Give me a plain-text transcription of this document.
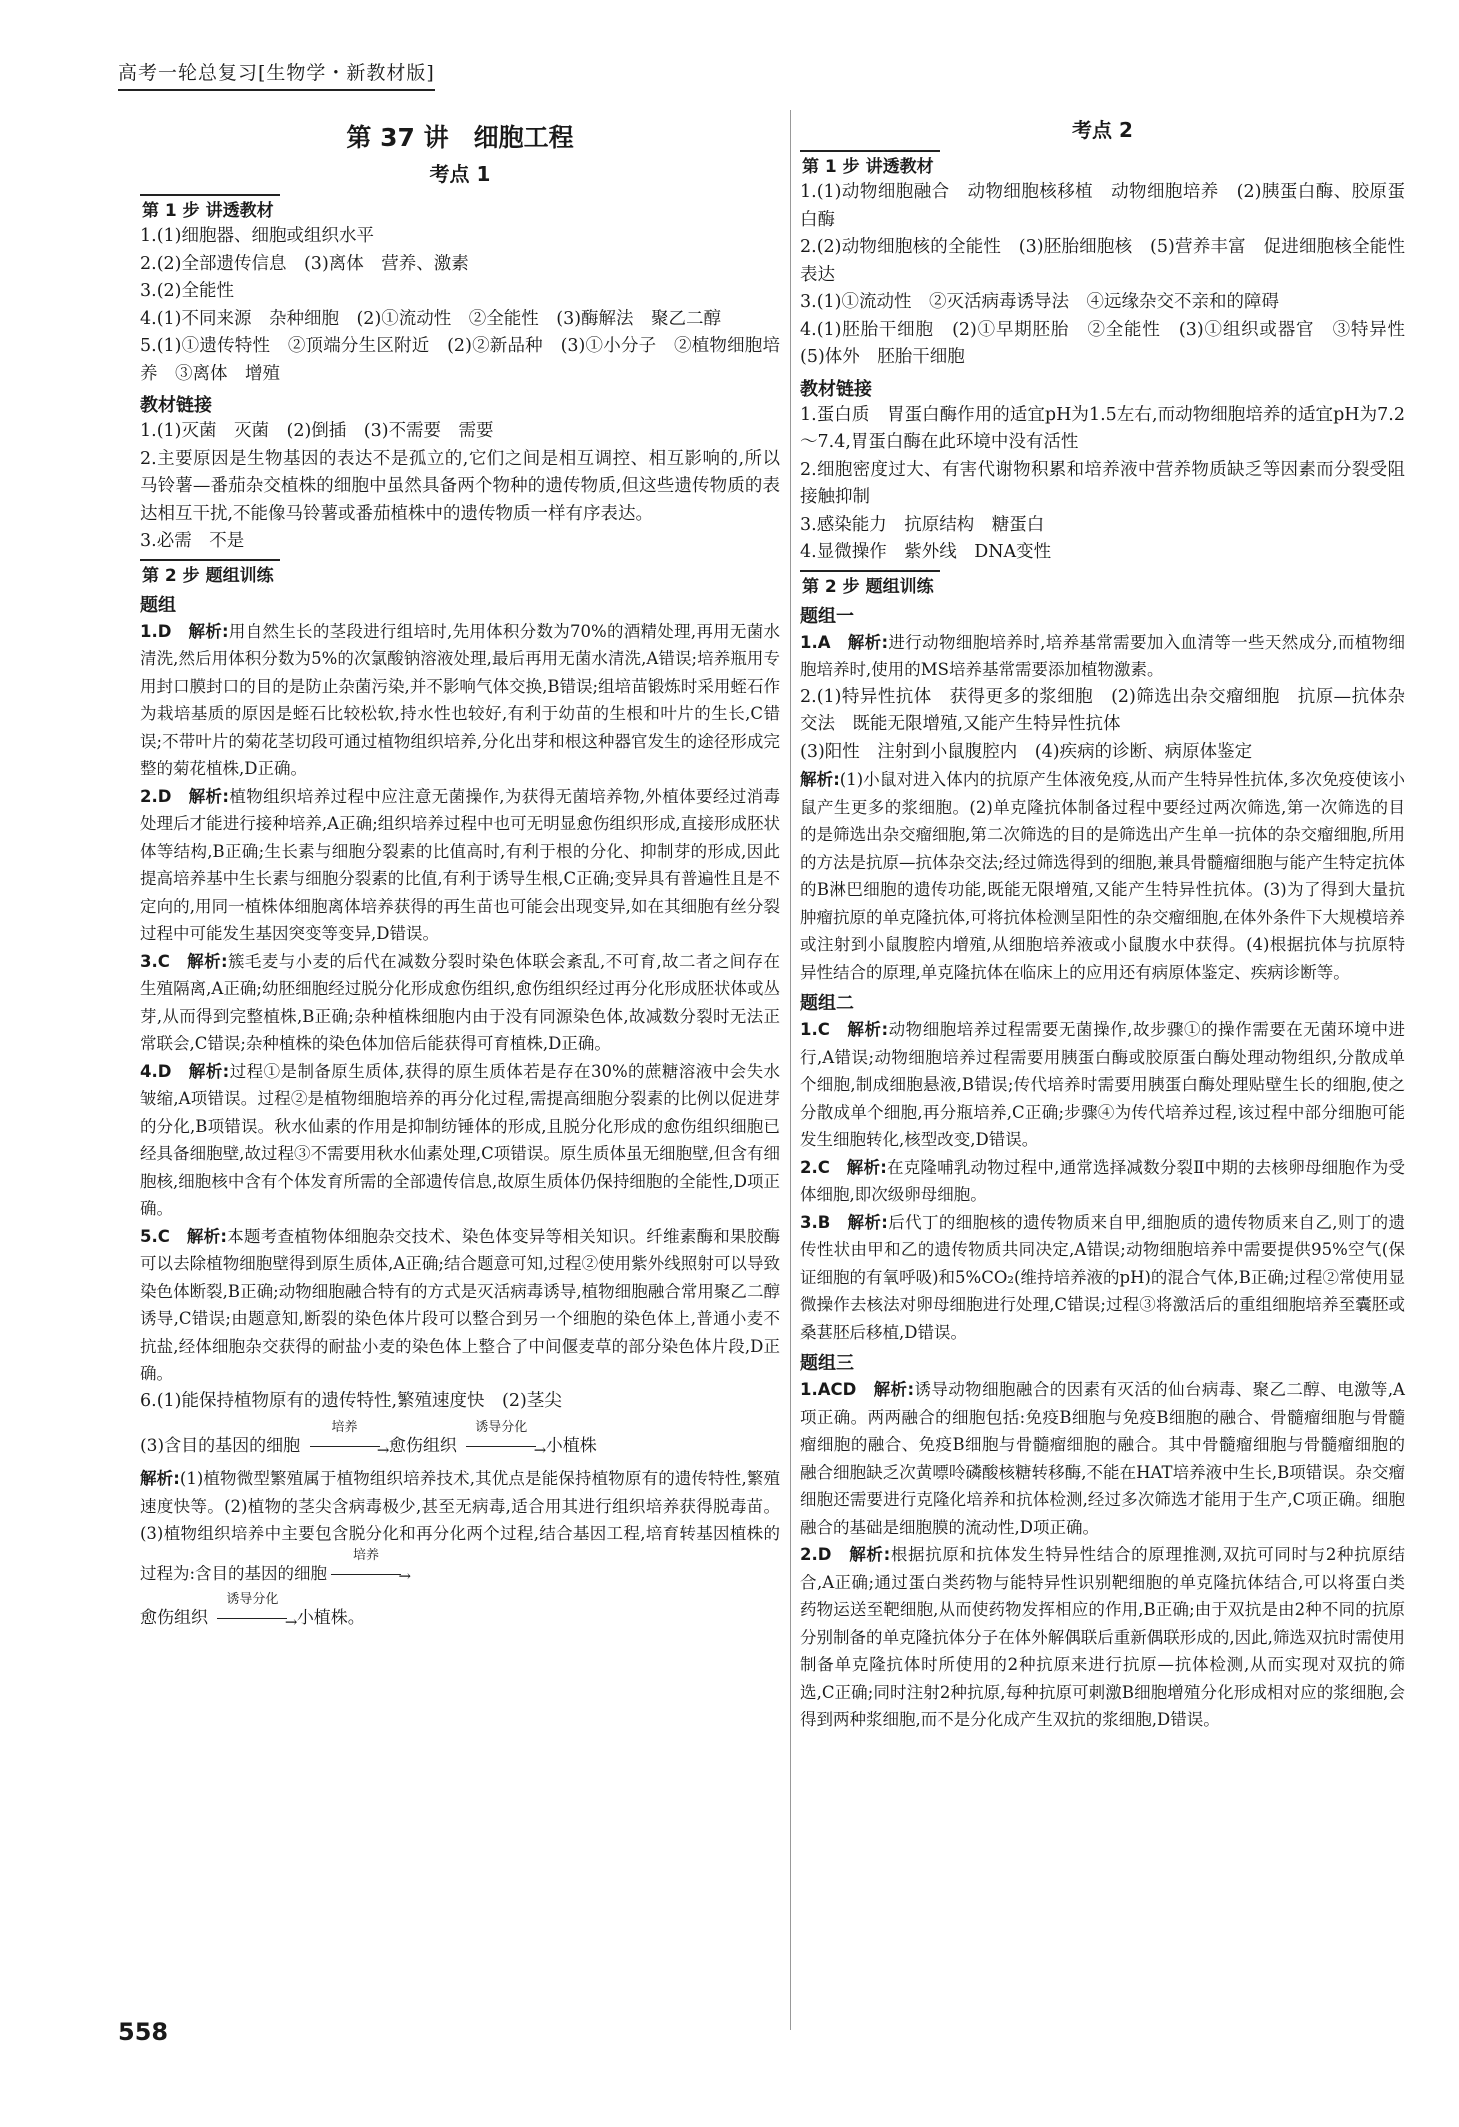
高考一轮总复习[生物学・新教材版]
第 37 讲　细胞工程
考点 1
第 1 步 讲透教材

1.(1)细胞器、细胞或组织水平

2.(2)全部遗传信息　(3)离体　营养、激素

3.(2)全能性

4.(1)不同来源　杂种细胞　(2)①流动性　②全能性　(3)酶解法　聚乙二醇

5.(1)①遗传特性　②顶端分生区附近　(2)②新品种　(3)①小分子　②植物细胞培养　③离体　增殖

教材链接

1.(1)灭菌　灭菌　(2)倒插　(3)不需要　需要

2.主要原因是生物基因的表达不是孤立的,它们之间是相互调控、相互影响的,所以马铃薯—番茄杂交植株的细胞中虽然具备两个物种的遗传物质,但这些遗传物质的表达相互干扰,不能像马铃薯或番茄植株中的遗传物质一样有序表达。

3.必需　不是

第 2 步 题组训练
题组

1.D　解析:用自然生长的茎段进行组培时,先用体积分数为70%的酒精处理,再用无菌水清洗,然后用体积分数为5%的次氯酸钠溶液处理,最后再用无菌水清洗,A错误;培养瓶用专用封口膜封口的目的是防止杂菌污染,并不影响气体交换,B错误;组培苗锻炼时采用蛭石作为栽培基质的原因是蛭石比较松软,持水性也较好,有利于幼苗的生根和叶片的生长,C错误;不带叶片的菊花茎切段可通过植物组织培养,分化出芽和根这种器官发生的途径形成完整的菊花植株,D正确。

2.D　解析:植物组织培养过程中应注意无菌操作,为获得无菌培养物,外植体要经过消毒处理后才能进行接种培养,A正确;组织培养过程中也可无明显愈伤组织形成,直接形成胚状体等结构,B正确;生长素与细胞分裂素的比值高时,有利于根的分化、抑制芽的形成,因此提高培养基中生长素与细胞分裂素的比值,有利于诱导生根,C正确;变异具有普遍性且是不定向的,用同一植株体细胞离体培养获得的再生苗也可能会出现变异,如在其细胞有丝分裂过程中可能发生基因突变等变异,D错误。

3.C　解析:簇毛麦与小麦的后代在减数分裂时染色体联会紊乱,不可育,故二者之间存在生殖隔离,A正确;幼胚细胞经过脱分化形成愈伤组织,愈伤组织经过再分化形成胚状体或丛芽,从而得到完整植株,B正确;杂种植株细胞内由于没有同源染色体,故减数分裂时无法正常联会,C错误;杂种植株的染色体加倍后能获得可育植株,D正确。

4.D　解析:过程①是制备原生质体,获得的原生质体若是存在30%的蔗糖溶液中会失水皱缩,A项错误。过程②是植物细胞培养的再分化过程,需提高细胞分裂素的比例以促进芽的分化,B项错误。秋水仙素的作用是抑制纺锤体的形成,且脱分化形成的愈伤组织细胞已经具备细胞壁,故过程③不需要用秋水仙素处理,C项错误。原生质体虽无细胞壁,但含有细胞核,细胞核中含有个体发育所需的全部遗传信息,故原生质体仍保持细胞的全能性,D项正确。

5.C　解析:本题考查植物体细胞杂交技术、染色体变异等相关知识。纤维素酶和果胶酶可以去除植物细胞壁得到原生质体,A正确;结合题意可知,过程②使用紫外线照射可以导致染色体断裂,B正确;动物细胞融合特有的方式是灭活病毒诱导,植物细胞融合常用聚乙二醇诱导,C错误;由题意知,断裂的染色体片段可以整合到另一个细胞的染色体上,普通小麦不抗盐,经体细胞杂交获得的耐盐小麦的染色体上整合了中间偃麦草的部分染色体片段,D正确。

6.(1)能保持植物原有的遗传特性,繁殖速度快　(2)茎尖

(3)含目的基因的细胞
培养
→ 愈伤组织
诱导分化
→ 小植株

解析:(1)植物微型繁殖属于植物组织培养技术,其优点是能保持植物原有的遗传特性,繁殖速度快等。(2)植物的茎尖含病毒极少,甚至无病毒,适合用其进行组织培养获得脱毒苗。(3)植物组织培养中主要包含脱分化和再分化两个过程,结合基因工程,培育转基因植株的过程为:含目的基因的细胞
培养
→

愈伤组织
诱导分化
→ 小植株。
考点 2
第 1 步 讲透教材

1.(1)动物细胞融合　动物细胞核移植　动物细胞培养　(2)胰蛋白酶、胶原蛋白酶

2.(2)动物细胞核的全能性　(3)胚胎细胞核　(5)营养丰富　促进细胞核全能性表达

3.(1)①流动性　②灭活病毒诱导法　④远缘杂交不亲和的障碍

4.(1)胚胎干细胞　(2)①早期胚胎　②全能性　(3)①组织或器官　③特异性　(5)体外　胚胎干细胞

教材链接

1.蛋白质　胃蛋白酶作用的适宜pH为1.5左右,而动物细胞培养的适宜pH为7.2～7.4,胃蛋白酶在此环境中没有活性

2.细胞密度过大、有害代谢物积累和培养液中营养物质缺乏等因素而分裂受阻　接触抑制

3.感染能力　抗原结构　糖蛋白

4.显微操作　紫外线　DNA变性

第 2 步 题组训练
题组一

1.A　解析:进行动物细胞培养时,培养基常需要加入血清等一些天然成分,而植物细胞培养时,使用的MS培养基常需要添加植物激素。

2.(1)特异性抗体　获得更多的浆细胞　(2)筛选出杂交瘤细胞　抗原—抗体杂交法　既能无限增殖,又能产生特异性抗体

(3)阳性　注射到小鼠腹腔内　(4)疾病的诊断、病原体鉴定

解析:(1)小鼠对进入体内的抗原产生体液免疫,从而产生特异性抗体,多次免疫使该小鼠产生更多的浆细胞。(2)单克隆抗体制备过程中要经过两次筛选,第一次筛选的目的是筛选出杂交瘤细胞,第二次筛选的目的是筛选出产生单一抗体的杂交瘤细胞,所用的方法是抗原—抗体杂交法;经过筛选得到的细胞,兼具骨髓瘤细胞与能产生特定抗体的B淋巴细胞的遗传功能,既能无限增殖,又能产生特异性抗体。(3)为了得到大量抗肿瘤抗原的单克隆抗体,可将抗体检测呈阳性的杂交瘤细胞,在体外条件下大规模培养或注射到小鼠腹腔内增殖,从细胞培养液或小鼠腹水中获得。(4)根据抗体与抗原特异性结合的原理,单克隆抗体在临床上的应用还有病原体鉴定、疾病诊断等。

题组二

1.C　解析:动物细胞培养过程需要无菌操作,故步骤①的操作需要在无菌环境中进行,A错误;动物细胞培养过程需要用胰蛋白酶或胶原蛋白酶处理动物组织,分散成单个细胞,制成细胞悬液,B错误;传代培养时需要用胰蛋白酶处理贴壁生长的细胞,使之分散成单个细胞,再分瓶培养,C正确;步骤④为传代培养过程,该过程中部分细胞可能发生细胞转化,核型改变,D错误。

2.C　解析:在克隆哺乳动物过程中,通常选择减数分裂Ⅱ中期的去核卵母细胞作为受体细胞,即次级卵母细胞。

3.B　解析:后代丁的细胞核的遗传物质来自甲,细胞质的遗传物质来自乙,则丁的遗传性状由甲和乙的遗传物质共同决定,A错误;动物细胞培养中需要提供95%空气(保证细胞的有氧呼吸)和5%CO₂(维持培养液的pH)的混合气体,B正确;过程②常使用显微操作去核法对卵母细胞进行处理,C错误;过程③将激活后的重组细胞培养至囊胚或桑葚胚后移植,D错误。

题组三

1.ACD　解析:诱导动物细胞融合的因素有灭活的仙台病毒、聚乙二醇、电激等,A项正确。两两融合的细胞包括:免疫B细胞与免疫B细胞的融合、骨髓瘤细胞与骨髓瘤细胞的融合、免疫B细胞与骨髓瘤细胞的融合。其中骨髓瘤细胞与骨髓瘤细胞的融合细胞缺乏次黄嘌呤磷酸核糖转移酶,不能在HAT培养液中生长,B项错误。杂交瘤细胞还需要进行克隆化培养和抗体检测,经过多次筛选才能用于生产,C项正确。细胞融合的基础是细胞膜的流动性,D项正确。

2.D　解析:根据抗原和抗体发生特异性结合的原理推测,双抗可同时与2种抗原结合,A正确;通过蛋白类药物与能特异性识别靶细胞的单克隆抗体结合,可以将蛋白类药物运送至靶细胞,从而使药物发挥相应的作用,B正确;由于双抗是由2种不同的抗原分别制备的单克隆抗体分子在体外解偶联后重新偶联形成的,因此,筛选双抗时需使用制备单克隆抗体时所使用的2种抗原来进行抗原—抗体检测,从而实现对双抗的筛选,C正确;同时注射2种抗原,每种抗原可刺激B细胞增殖分化形成相对应的浆细胞,会得到两种浆细胞,而不是分化成产生双抗的浆细胞,D错误。

558
